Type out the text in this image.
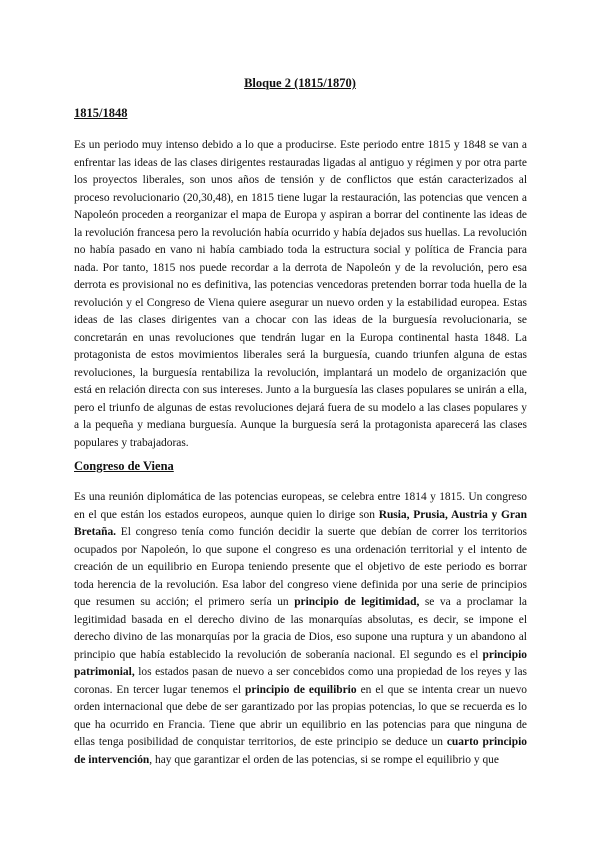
Bloque 2 (1815/1870)
1815/1848

Es un periodo muy intenso debido a lo que a producirse. Este periodo entre 1815 y 1848 se van a enfrentar las ideas de las clases dirigentes restauradas ligadas al antiguo y régimen y por otra parte los proyectos liberales, son unos años de tensión y de conflictos que están caracterizados al proceso revolucionario (20,30,48), en 1815 tiene lugar la restauración, las potencias que vencen a Napoleón proceden a reorganizar el mapa de Europa y aspiran a borrar del continente las ideas de la revolución francesa pero la revolución había ocurrido y había dejados sus huellas. La revolución no había pasado en vano ni había cambiado toda la estructura social y política de Francia para nada. Por tanto, 1815 nos puede recordar a la derrota de Napoleón y de la revolución, pero esa derrota es provisional no es definitiva, las potencias vencedoras pretenden borrar toda huella de la revolución y el Congreso de Viena quiere asegurar un nuevo orden y la estabilidad europea. Estas ideas de las clases dirigentes van a chocar con las ideas de la burguesía revolucionaria, se concretarán en unas revoluciones que tendrán lugar en la Europa continental hasta 1848. La protagonista de estos movimientos liberales será la burguesía, cuando triunfen alguna de estas revoluciones, la burguesía rentabiliza la revolución, implantará un modelo de organización que está en relación directa con sus intereses. Junto a la burguesía las clases populares se unirán a ella, pero el triunfo de algunas de estas revoluciones dejará fuera de su modelo a las clases populares y a la pequeña y mediana burguesía. Aunque la burguesía será la protagonista aparecerá las clases populares y trabajadoras.

Congreso de Viena

Es una reunión diplomática de las potencias europeas, se celebra entre 1814 y 1815. Un congreso en el que están los estados europeos, aunque quien lo dirige son Rusia, Prusia, Austria y Gran Bretaña. El congreso tenía como función decidir la suerte que debían de correr los territorios ocupados por Napoleón, lo que supone el congreso es una ordenación territorial y el intento de creación de un equilibrio en Europa teniendo presente que el objetivo de este periodo es borrar toda herencia de la revolución. Esa labor del congreso viene definida por una serie de principios que resumen su acción; el primero sería un principio de legitimidad, se va a proclamar la legitimidad basada en el derecho divino de las monarquías absolutas, es decir, se impone el derecho divino de las monarquías por la gracia de Dios, eso supone una ruptura y un abandono al principio que había establecido la revolución de soberanía nacional. El segundo es el principio patrimonial, los estados pasan de nuevo a ser concebidos como una propiedad de los reyes y las coronas. En tercer lugar tenemos el principio de equilibrio en el que se intenta crear un nuevo orden internacional que debe de ser garantizado por las propias potencias, lo que se recuerda es lo que ha ocurrido en Francia. Tiene que abrir un equilibrio en las potencias para que ninguna de ellas tenga posibilidad de conquistar territorios, de este principio se deduce un cuarto principio de intervención, hay que garantizar el orden de las potencias, si se rompe el equilibrio y que
